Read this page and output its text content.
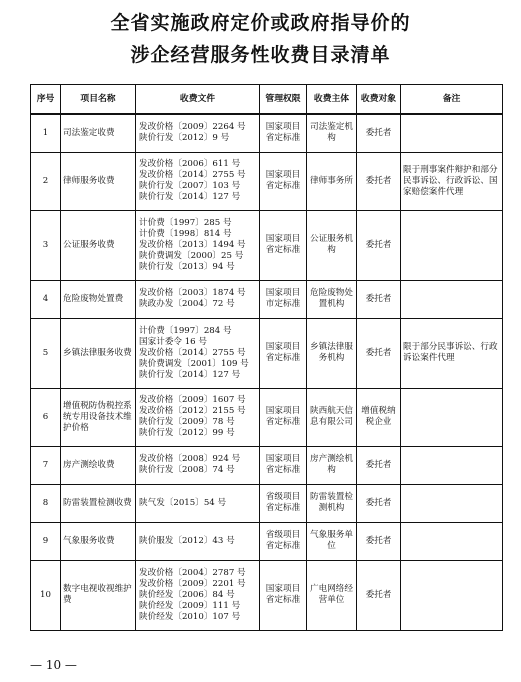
全省实施政府定价或政府指导价的
涉企经营服务性收费目录清单
序号	项目名称	收费文件	管理权限	收费主体	收费对象	备注
1	司法鉴定收费	发改价格〔2009〕2264 号
陕价行发〔2012〕9 号	国家项目省定标准	司法鉴定机构	委托者	
2	律师服务收费	发改价格〔2006〕611 号
发改价格〔2014〕2755 号
陕价行发〔2007〕103 号
陕价行发〔2014〕127 号	国家项目省定标准	律师事务所	委托者	限于刑事案件辩护和部分民事诉讼、行政诉讼、国家赔偿案件代理
3	公证服务收费	计价费〔1997〕285 号
计价费〔1998〕814 号
发改价格〔2013〕1494 号
陕价费调发〔2000〕25 号
陕价行发〔2013〕94 号	国家项目省定标准	公证服务机构	委托者	
4	危险废物处置费	发改价格〔2003〕1874 号
陕政办发〔2004〕72 号	国家项目市定标准	危险废物处置机构	委托者	
5	乡镇法律服务收费	计价费〔1997〕284 号
国家计委令 16 号
发改价格〔2014〕2755 号
陕价费调发〔2001〕109 号
陕价行发〔2014〕127 号	国家项目省定标准	乡镇法律服务机构	委托者	限于部分民事诉讼、行政诉讼案件代理
6	增值税防伪税控系统专用设备技术维护价格	发改价格〔2009〕1607 号
发改价格〔2012〕2155 号
陕价行发〔2009〕78 号
陕价行发〔2012〕99 号	国家项目省定标准	陕西航天信息有限公司	增值税纳税企业	
7	房产测绘收费	发改价格〔2008〕924 号
陕价行发〔2008〕74 号	国家项目省定标准	房产测绘机构	委托者	
8	防雷装置检测收费	陕气发〔2015〕54 号	省级项目省定标准	防雷装置检测机构	委托者	
9	气象服务收费	陕价服发〔2012〕43 号	省级项目省定标准	气象服务单位	委托者	
10	数字电视收视维护费	发改价格〔2004〕2787 号
发改价格〔2009〕2201 号
陕价经发〔2006〕84 号
陕价经发〔2009〕111 号
陕价经发〔2010〕107 号	国家项目省定标准	广电网络经营单位	委托者	
— 10 —
